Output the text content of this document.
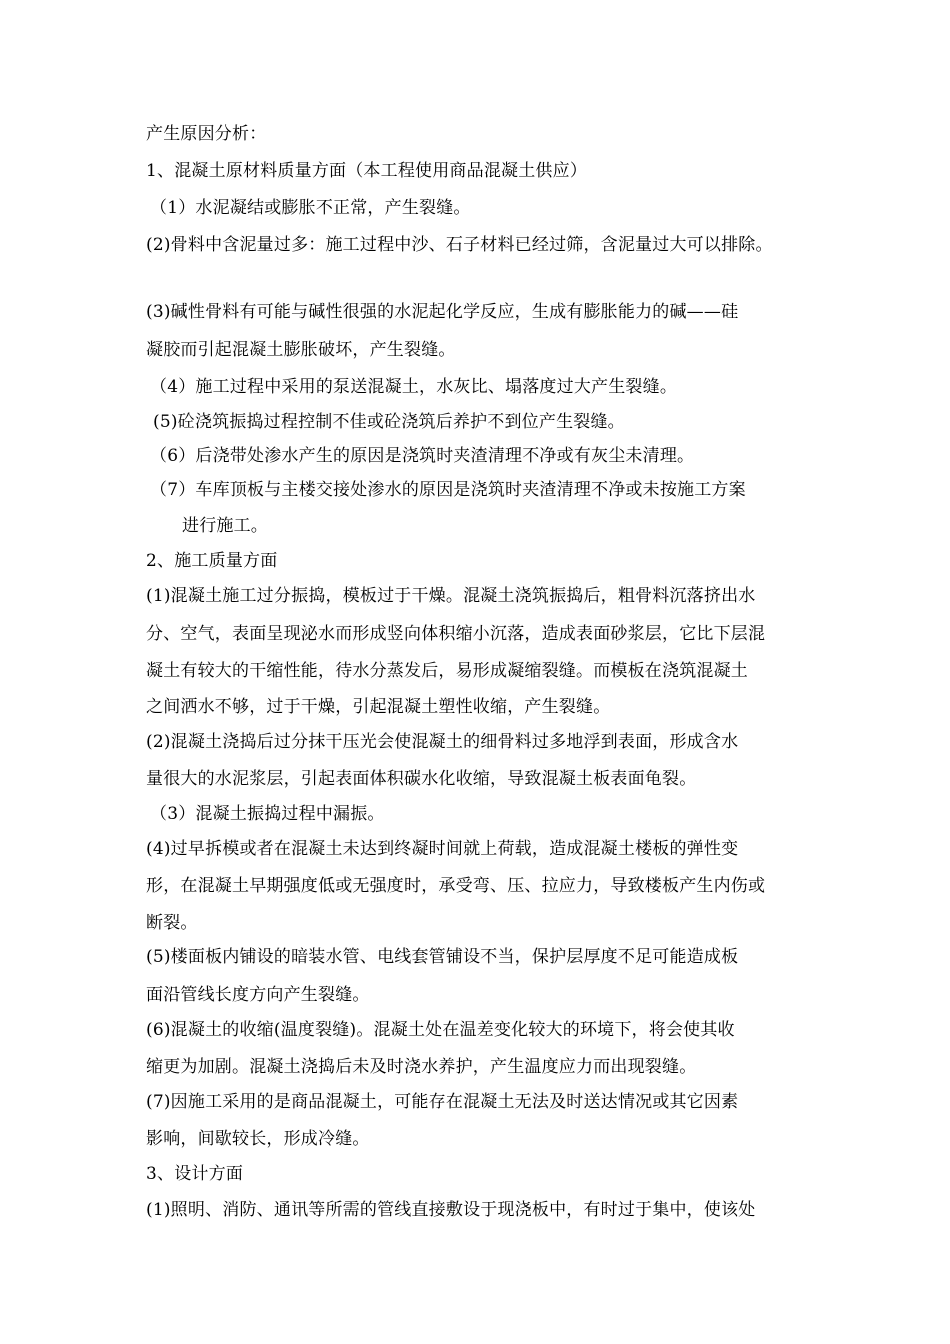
产生原因分析：
1、混凝土原材料质量方面（本工程使用商品混凝土供应）
（1）水泥凝结或膨胀不正常，产生裂缝。
(2)骨料中含泥量过多：施工过程中沙、石子材料已经过筛，含泥量过大可以排除。
(3)碱性骨料有可能与碱性很强的水泥起化学反应，生成有膨胀能力的碱——硅
凝胶而引起混凝土膨胀破坏，产生裂缝。
（4）施工过程中采用的泵送混凝土，水灰比、塌落度过大产生裂缝。
(5)砼浇筑振捣过程控制不佳或砼浇筑后养护不到位产生裂缝。
（6）后浇带处渗水产生的原因是浇筑时夹渣清理不净或有灰尘未清理。
（7）车库顶板与主楼交接处渗水的原因是浇筑时夹渣清理不净或未按施工方案
进行施工。
2、施工质量方面
(1)混凝土施工过分振捣，模板过于干燥。混凝土浇筑振捣后，粗骨料沉落挤出水
分、空气，表面呈现泌水而形成竖向体积缩小沉落，造成表面砂浆层，它比下层混
凝土有较大的干缩性能，待水分蒸发后，易形成凝缩裂缝。而模板在浇筑混凝土
之间洒水不够，过于干燥，引起混凝土塑性收缩，产生裂缝。
(2)混凝土浇捣后过分抹干压光会使混凝土的细骨料过多地浮到表面，形成含水
量很大的水泥浆层，引起表面体积碳水化收缩，导致混凝土板表面龟裂。
（3）混凝土振捣过程中漏振。
(4)过早拆模或者在混凝土未达到终凝时间就上荷载，造成混凝土楼板的弹性变
形，在混凝土早期强度低或无强度时，承受弯、压、拉应力，导致楼板产生内伤或
断裂。
(5)楼面板内铺设的暗装水管、电线套管铺设不当，保护层厚度不足可能造成板
面沿管线长度方向产生裂缝。
(6)混凝土的收缩(温度裂缝)。混凝土处在温差变化较大的环境下，将会使其收
缩更为加剧。混凝土浇捣后未及时浇水养护，产生温度应力而出现裂缝。
(7)因施工采用的是商品混凝土，可能存在混凝土无法及时送达情况或其它因素
影响，间歇较长，形成冷缝。
3、设计方面
(1)照明、消防、通讯等所需的管线直接敷设于现浇板中，有时过于集中，使该处
